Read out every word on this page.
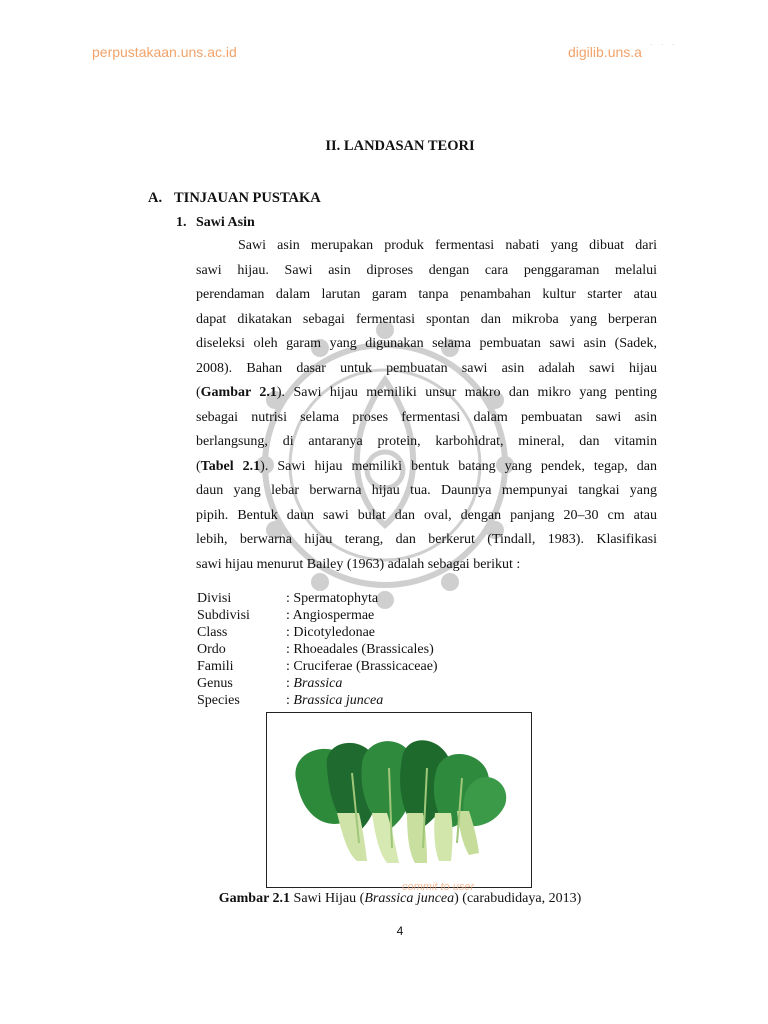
perpustakaan.uns.ac.id	digilib.uns.a · · ·
II. LANDASAN TEORI
A. TINJAUAN PUSTAKA
1. Sawi Asin
Sawi asin merupakan produk fermentasi nabati yang dibuat dari
sawi hijau. Sawi asin diproses dengan cara penggaraman melalui
perendaman dalam larutan garam tanpa penambahan kultur starter atau
dapat dikatakan sebagai fermentasi spontan dan mikroba yang berperan
diseleksi oleh garam yang digunakan selama pembuatan sawi asin (Sadek,
2008). Bahan dasar untuk pembuatan sawi asin adalah sawi hijau
(Gambar 2.1). Sawi hijau memiliki unsur makro dan mikro yang penting
sebagai nutrisi selama proses fermentasi dalam pembuatan sawi asin
berlangsung, di antaranya protein, karbohidrat, mineral, dan vitamin
(Tabel 2.1). Sawi hijau memiliki bentuk batang yang pendek, tegap, dan
daun yang lebar berwarna hijau tua. Daunnya mempunyai tangkai yang
pipih. Bentuk daun sawi bulat dan oval, dengan panjang 20–30 cm atau
lebih, berwarna hijau terang, dan berkerut (Tindall, 1983). Klasifikasi
sawi hijau menurut Bailey (1963) adalah sebagai berikut :
Divisi	: Spermatophyta
Subdivisi	: Angiospermae
Class	: Dicotyledonae
Ordo	: Rhoeadales (Brassicales)
Famili	: Cruciferae (Brassicaceae)
Genus	: Brassica
Species	: Brassica juncea
commit to user
Gambar 2.1 Sawi Hijau (Brassica juncea) (carabudidaya, 2013)
4
